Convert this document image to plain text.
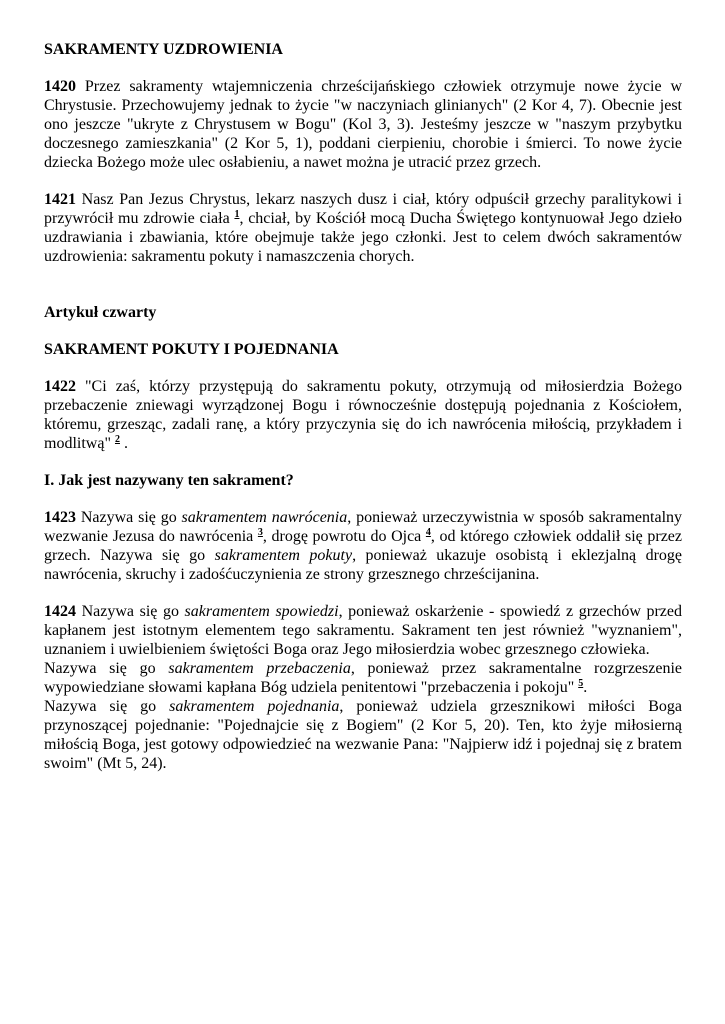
SAKRAMENTY UZDROWIENIA

1420 Przez sakramenty wtajemniczenia chrześcijańskiego człowiek otrzymuje nowe życie w Chrystusie. Przechowujemy jednak to życie "w naczyniach glinianych" (2 Kor 4, 7). Obecnie jest ono jeszcze "ukryte z Chrystusem w Bogu" (Kol 3, 3). Jesteśmy jeszcze w "naszym przybytku doczesnego zamieszkania" (2 Kor 5, 1), poddani cierpieniu, chorobie i śmierci. To nowe życie dziecka Bożego może ulec osłabieniu, a nawet można je utracić przez grzech.

1421 Nasz Pan Jezus Chrystus, lekarz naszych dusz i ciał, który odpuścił grzechy paralitykowi i przywrócił mu zdrowie ciała $^1$, chciał, by Kościół mocą Ducha Świętego kontynuował Jego dzieło uzdrawiania i zbawiania, które obejmuje także jego członki. Jest to celem dwóch sakramentów uzdrowienia: sakramentu pokuty i namaszczenia chorych.

Artykuł czwarty
SAKRAMENT POKUTY I POJEDNANIA

1422 "Ci zaś, którzy przystępują do sakramentu pokuty, otrzymują od miłosierdzia Bożego przebaczenie zniewagi wyrządzonej Bogu i równocześnie dostępują pojednania z Kościołem, któremu, grzesząc, zadali ranę, a który przyczynia się do ich nawrócenia miłością, przykładem i modlitwą" $^2$ .

I. Jak jest nazywany ten sakrament?

1423 Nazywa się go sakramentem nawrócenia, ponieważ urzeczywistnia w sposób sakramentalny wezwanie Jezusa do nawrócenia $^3$, drogę powrotu do Ojca $^4$, od którego człowiek oddalił się przez grzech. Nazywa się go sakramentem pokuty, ponieważ ukazuje osobistą i eklezjalną drogę nawrócenia, skruchy i zadośćuczynienia ze strony grzesznego chrześcijanina.

1424 Nazywa się go sakramentem spowiedzi, ponieważ oskarżenie - spowiedź z grzechów przed kapłanem jest istotnym elementem tego sakramentu. Sakrament ten jest również "wyznaniem", uznaniem i uwielbieniem świętości Boga oraz Jego miłosierdzia wobec grzesznego człowieka.

Nazywa się go sakramentem przebaczenia, ponieważ przez sakramentalne rozgrzeszenie wypowiedziane słowami kapłana Bóg udziela penitentowi "przebaczenia i pokoju" $^5$.

Nazywa się go sakramentem pojednania, ponieważ udziela grzesznikowi miłości Boga przynoszącej pojednanie: "Pojednajcie się z Bogiem" (2 Kor 5, 20). Ten, kto żyje miłosierną miłością Boga, jest gotowy odpowiedzieć na wezwanie Pana: "Najpierw idź i pojednaj się z bratem swoim" (Mt 5, 24).
